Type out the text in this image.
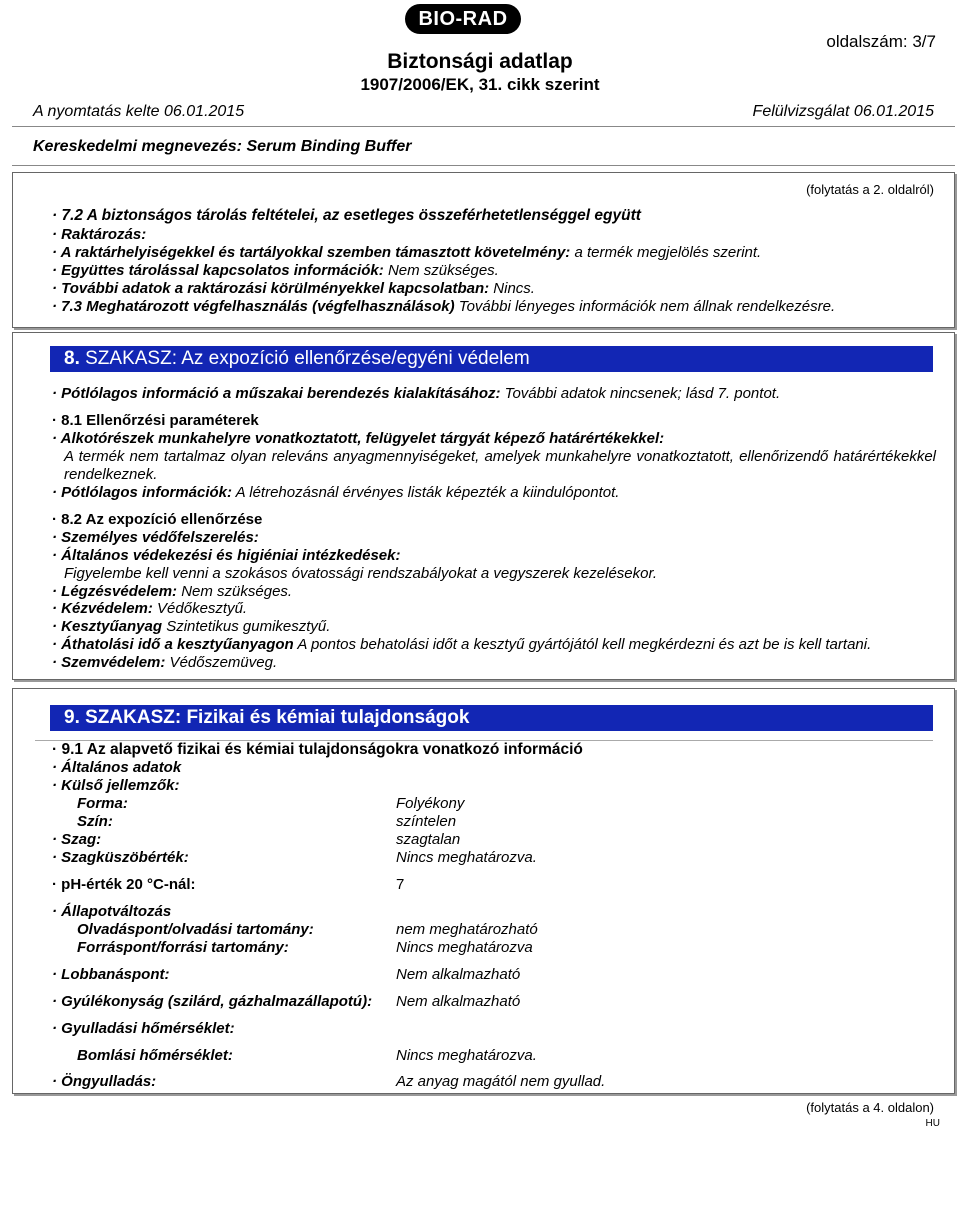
BIO-RAD
oldalszám: 3/7
Biztonsági adatlap
1907/2006/EK, 31. cikk szerint
A nyomtatás kelte 06.01.2015	Felülvizsgálat 06.01.2015
Kereskedelmi megnevezés: Serum Binding Buffer
(folytatás a 2. oldalról)
· 7.2 A biztonságos tárolás feltételei, az esetleges összeférhetetlenséggel együtt
· Raktározás:
· A raktárhelyiségekkel és tartályokkal szemben támasztott követelmény: a termék megjelölés szerint.
· Együttes tárolással kapcsolatos információk: Nem szükséges.
· További adatok a raktározási körülményekkel kapcsolatban: Nincs.
· 7.3 Meghatározott végfelhasználás (végfelhasználások) További lényeges információk nem állnak rendelkezésre.
8. SZAKASZ: Az expozíció ellenőrzése/egyéni védelem
· Pótlólagos információ a műszakai berendezés kialakításához: További adatok nincsenek; lásd 7. pontot.
· 8.1 Ellenőrzési paraméterek
· Alkotórészek munkahelyre vonatkoztatott, felügyelet tárgyát képező határértékekkel:
A termék nem tartalmaz olyan releváns anyagmennyiségeket, amelyek munkahelyre vonatkoztatott, ellenőrizendő határértékekkel rendelkeznek.
· Pótlólagos információk: A létrehozásnál érvényes listák képezték a kiindulópontot.
· 8.2 Az expozíció ellenőrzése
· Személyes védőfelszerelés:
· Általános védekezési és higiéniai intézkedések:
Figyelembe kell venni a szokásos óvatossági rendszabályokat a vegyszerek kezelésekor.
· Légzésvédelem: Nem szükséges.
· Kézvédelem: Védőkesztyű.
· Kesztyűanyag Szintetikus gumikesztyű.
· Áthatolási idő a kesztyűanyagon A pontos behatolási időt a kesztyű gyártójától kell megkérdezni és azt be is kell tartani.
· Szemvédelem: Védőszemüveg.
9. SZAKASZ: Fizikai és kémiai tulajdonságok
· 9.1 Az alapvető fizikai és kémiai tulajdonságokra vonatkozó információ
· Általános adatok
· Külső jellemzők:
Forma:	Folyékony
Szín:	színtelen
· Szag:	szagtalan
· Szagküszöbérték:	Nincs meghatározva.
· pH-érték 20 °C-nál:	7
· Állapotváltozás
Olvadáspont/olvadási tartomány:	nem meghatározható
Forráspont/forrási tartomány:	Nincs meghatározva
· Lobbanáspont:	Nem alkalmazható
· Gyúlékonyság (szilárd, gázhalmazállapotú): Nem alkalmazható
· Gyulladási hőmérséklet:
Bomlási hőmérséklet:	Nincs meghatározva.
· Öngyulladás:	Az anyag magától nem gyullad.
(folytatás a 4. oldalon)
HU
